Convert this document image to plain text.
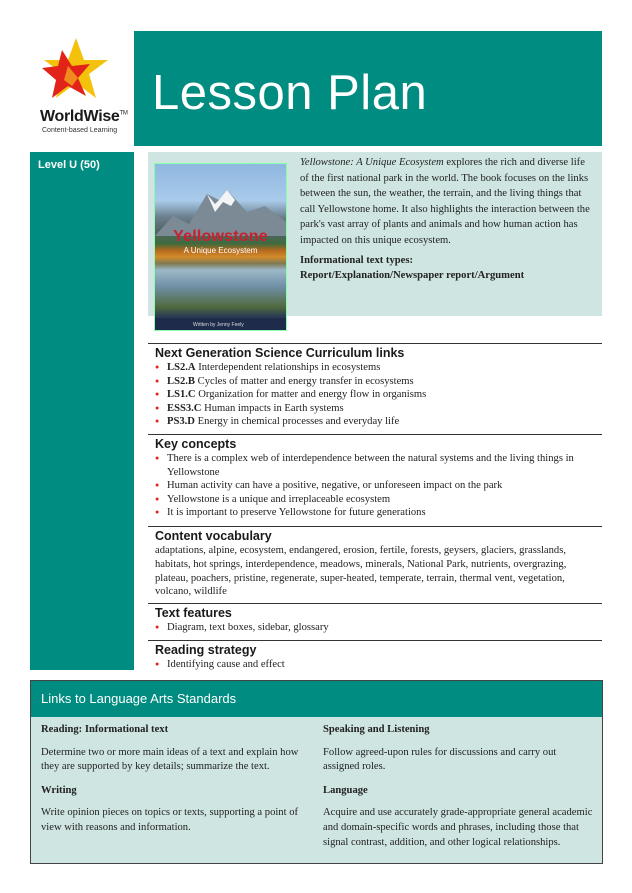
WorldWise™
Content-based Learning
Lesson Plan
Level U (50)
Yellowstone
A Unique Ecosystem
Written by Jenny Feely

Yellowstone: A Unique Ecosystem explores the rich and diverse life of the first national park in the world. The book focuses on the links between the sun, the weather, the terrain, and the living things that call Yellowstone home. It also highlights the interaction between the park's vast array of plants and animals and how human action has impacted on this unique ecosystem.

Informational text types:

Report/Explanation/Newspaper report/Argument

Next Generation Science Curriculum links
● LS2.A Interdependent relationships in ecosystems
● LS2.B Cycles of matter and energy transfer in ecosystems
● LS1.C Organization for matter and energy flow in organisms
● ESS3.C Human impacts in Earth systems
● PS3.D Energy in chemical processes and everyday life
Key concepts
● There is a complex web of interdependence between the natural systems and the living things in Yellowstone
● Human activity can have a positive, negative, or unforeseen impact on the park
● Yellowstone is a unique and irreplaceable ecosystem
● It is important to preserve Yellowstone for future generations
Content vocabulary
adaptations, alpine, ecosystem, endangered, erosion, fertile, forests, geysers, glaciers, grasslands, habitats, hot springs, interdependence, meadows, minerals, National Park, nutrients, overgrazing, plateau, poachers, pristine, regenerate, super-heated, temperate, terrain, thermal vent, vegetation, volcano, wildlife
Text features
● Diagram, text boxes, sidebar, glossary
Reading strategy
● Identifying cause and effect
Links to Language Arts Standards
Reading: Informational text

Determine two or more main ideas of a text and explain how they are supported by key details; summarize the text.

Writing

Write opinion pieces on topics or texts, supporting a point of view with reasons and information.

Speaking and Listening

Follow agreed-upon rules for discussions and carry out assigned roles.

Language

Acquire and use accurately grade-appropriate general academic and domain-specific words and phrases, including those that signal contrast, addition, and other logical relationships.
